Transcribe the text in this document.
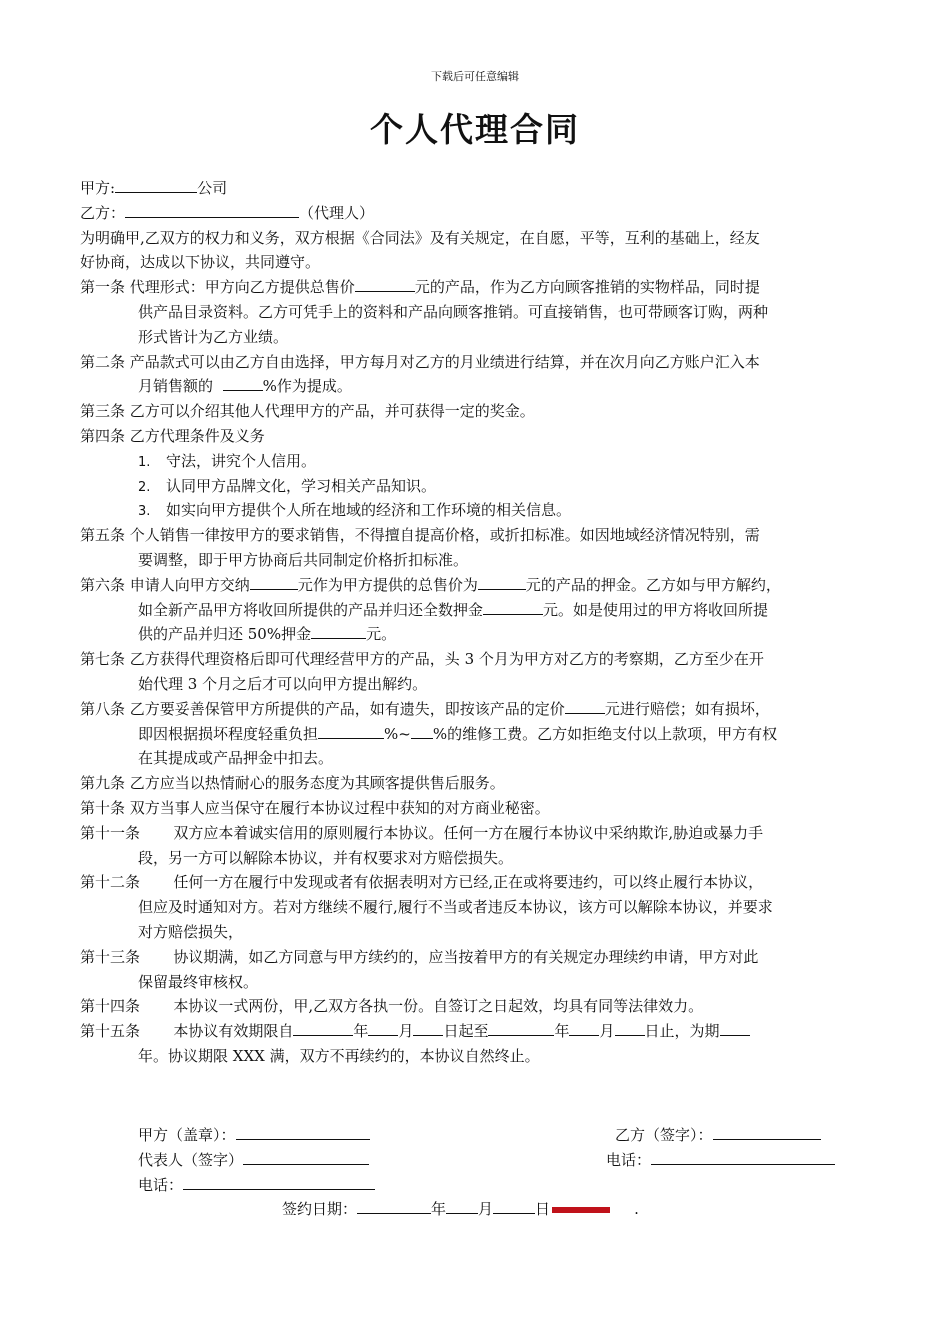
下载后可任意编辑
个人代理合同
甲方:	公司
乙方：	（代理人）
为明确甲,乙双方的权力和义务，双方根据《合同法》及有关规定，在自愿，平等，互利的基础上，经友
好协商，达成以下协议，共同遵守。
第一条 代理形式：甲方向乙方提供总售价	元的产品，作为乙方向顾客推销的实物样品，同时提
供产品目录资料。乙方可凭手上的资料和产品向顾客推销。可直接销售，也可带顾客订购，两种
形式皆计为乙方业绩。
第二条 产品款式可以由乙方自由选择，甲方每月对乙方的月业绩进行结算，并在次月向乙方账户汇入本
月销售额的	%作为提成。
第三条 乙方可以介绍其他人代理甲方的产品，并可获得一定的奖金。
第四条 乙方代理条件及义务
1. 守法，讲究个人信用。
2. 认同甲方品牌文化，学习相关产品知识。
3. 如实向甲方提供个人所在地域的经济和工作环境的相关信息。
第五条 个人销售一律按甲方的要求销售，不得擅自提高价格，或折扣标准。如因地域经济情况特别，需
要调整，即于甲方协商后共同制定价格折扣标准。
第六条 申请人向甲方交纳	元作为甲方提供的总售价为	元的产品的押金。乙方如与甲方解约，
如全新产品甲方将收回所提供的产品并归还全数押金	元。如是使用过的甲方将收回所提
供的产品并归还 50%押金	元。
第七条 乙方获得代理资格后即可代理经营甲方的产品，头 3 个月为甲方对乙方的考察期，乙方至少在开
始代理 3 个月之后才可以向甲方提出解约。
第八条 乙方要妥善保管甲方所提供的产品，如有遗失，即按该产品的定价	元进行赔偿；如有损坏，
即因根据损坏程度轻重负担	%~ %的维修工费。乙方如拒绝支付以上款项，甲方有权
在其提成或产品押金中扣去。
第九条 乙方应当以热情耐心的服务态度为其顾客提供售后服务。
第十条 双方当事人应当保守在履行本协议过程中获知的对方商业秘密。
第十一条 双方应本着诚实信用的原则履行本协议。任何一方在履行本协议中采纳欺诈,胁迫或暴力手
段，另一方可以解除本协议，并有权要求对方赔偿损失。
第十二条 任何一方在履行中发现或者有依据表明对方已经,正在或将要违约，可以终止履行本协议，
但应及时通知对方。若对方继续不履行,履行不当或者违反本协议，该方可以解除本协议，并要求
对方赔偿损失，
第十三条 协议期满，如乙方同意与甲方续约的，应当按着甲方的有关规定办理续约申请，甲方对此
保留最终审核权。
第十四条 本协议一式两份，甲,乙双方各执一份。自签订之日起效，均具有同等法律效力。
第十五条 本协议有效期限自	年 月 日起至	年 月 日止，为期
年。协议期限 XXX 满，双方不再续约的，本协议自然终止。
甲方（盖章）：	乙方（签字）：
代表人（签字）	电话：
电话：
签约日期：	年 月	日	.
